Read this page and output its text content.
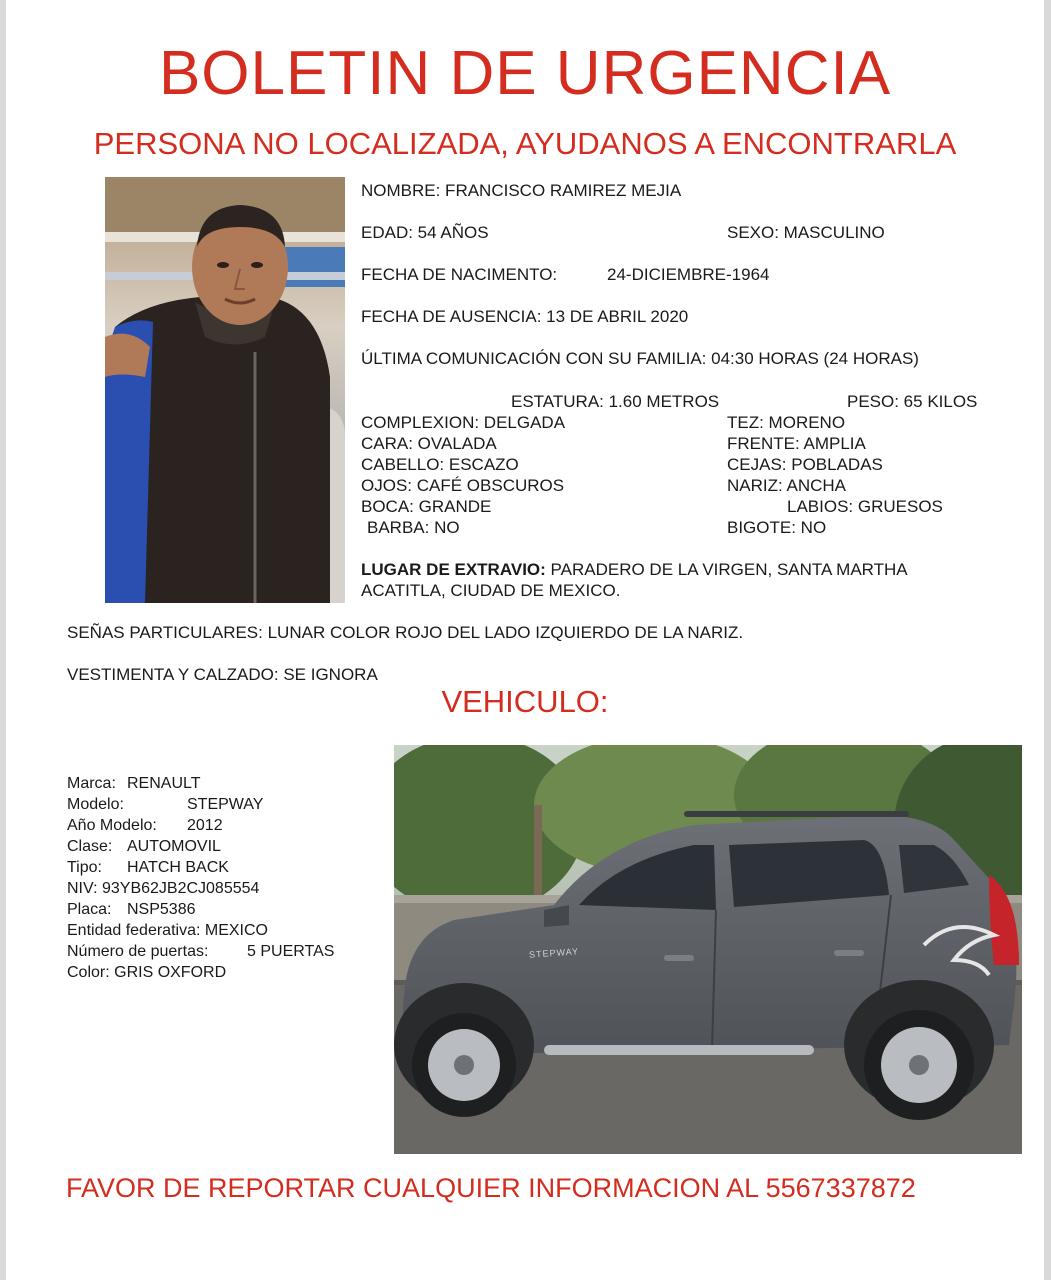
BOLETIN DE URGENCIA
PERSONA NO LOCALIZADA, AYUDANOS A ENCONTRARLA
NOMBRE: FRANCISCO RAMIREZ MEJIA
EDAD: 54 AÑOS	SEXO: MASCULINO
FECHA DE NACIMENTO:	24-DICIEMBRE-1964
FECHA DE AUSENCIA: 13 DE ABRIL 2020
ÚLTIMA COMUNICACIÓN CON SU FAMILIA: 04:30 HORAS (24 HORAS)
ESTATURA: 1.60 METROS	PESO: 65 KILOS
COMPLEXION: DELGADA	TEZ: MORENO
CARA: OVALADA	FRENTE: AMPLIA
CABELLO: ESCAZO	CEJAS: POBLADAS
OJOS: CAFÉ OBSCUROS	NARIZ: ANCHA
BOCA: GRANDE	LABIOS: GRUESOS
BARBA: NO	BIGOTE: NO
LUGAR DE EXTRAVIO: PARADERO DE LA VIRGEN, SANTA MARTHA
ACATITLA, CIUDAD DE MEXICO.
SEÑAS PARTICULARES: LUNAR COLOR ROJO DEL LADO IZQUIERDO DE LA NARIZ.
VESTIMENTA Y CALZADO: SE IGNORA
VEHICULO:
Marca: RENAULT
Modelo:	STEPWAY
Año Modelo: 2012
Clase: AUTOMOVIL
Tipo: HATCH BACK
NIV: 93YB62JB2CJ085554
Placa: NSP5386
Entidad federativa: MEXICO
Número de puertas: 5 PUERTAS
Color: GRIS OXFORD
STEPWAY
FAVOR DE REPORTAR CUALQUIER INFORMACION AL 5567337872
